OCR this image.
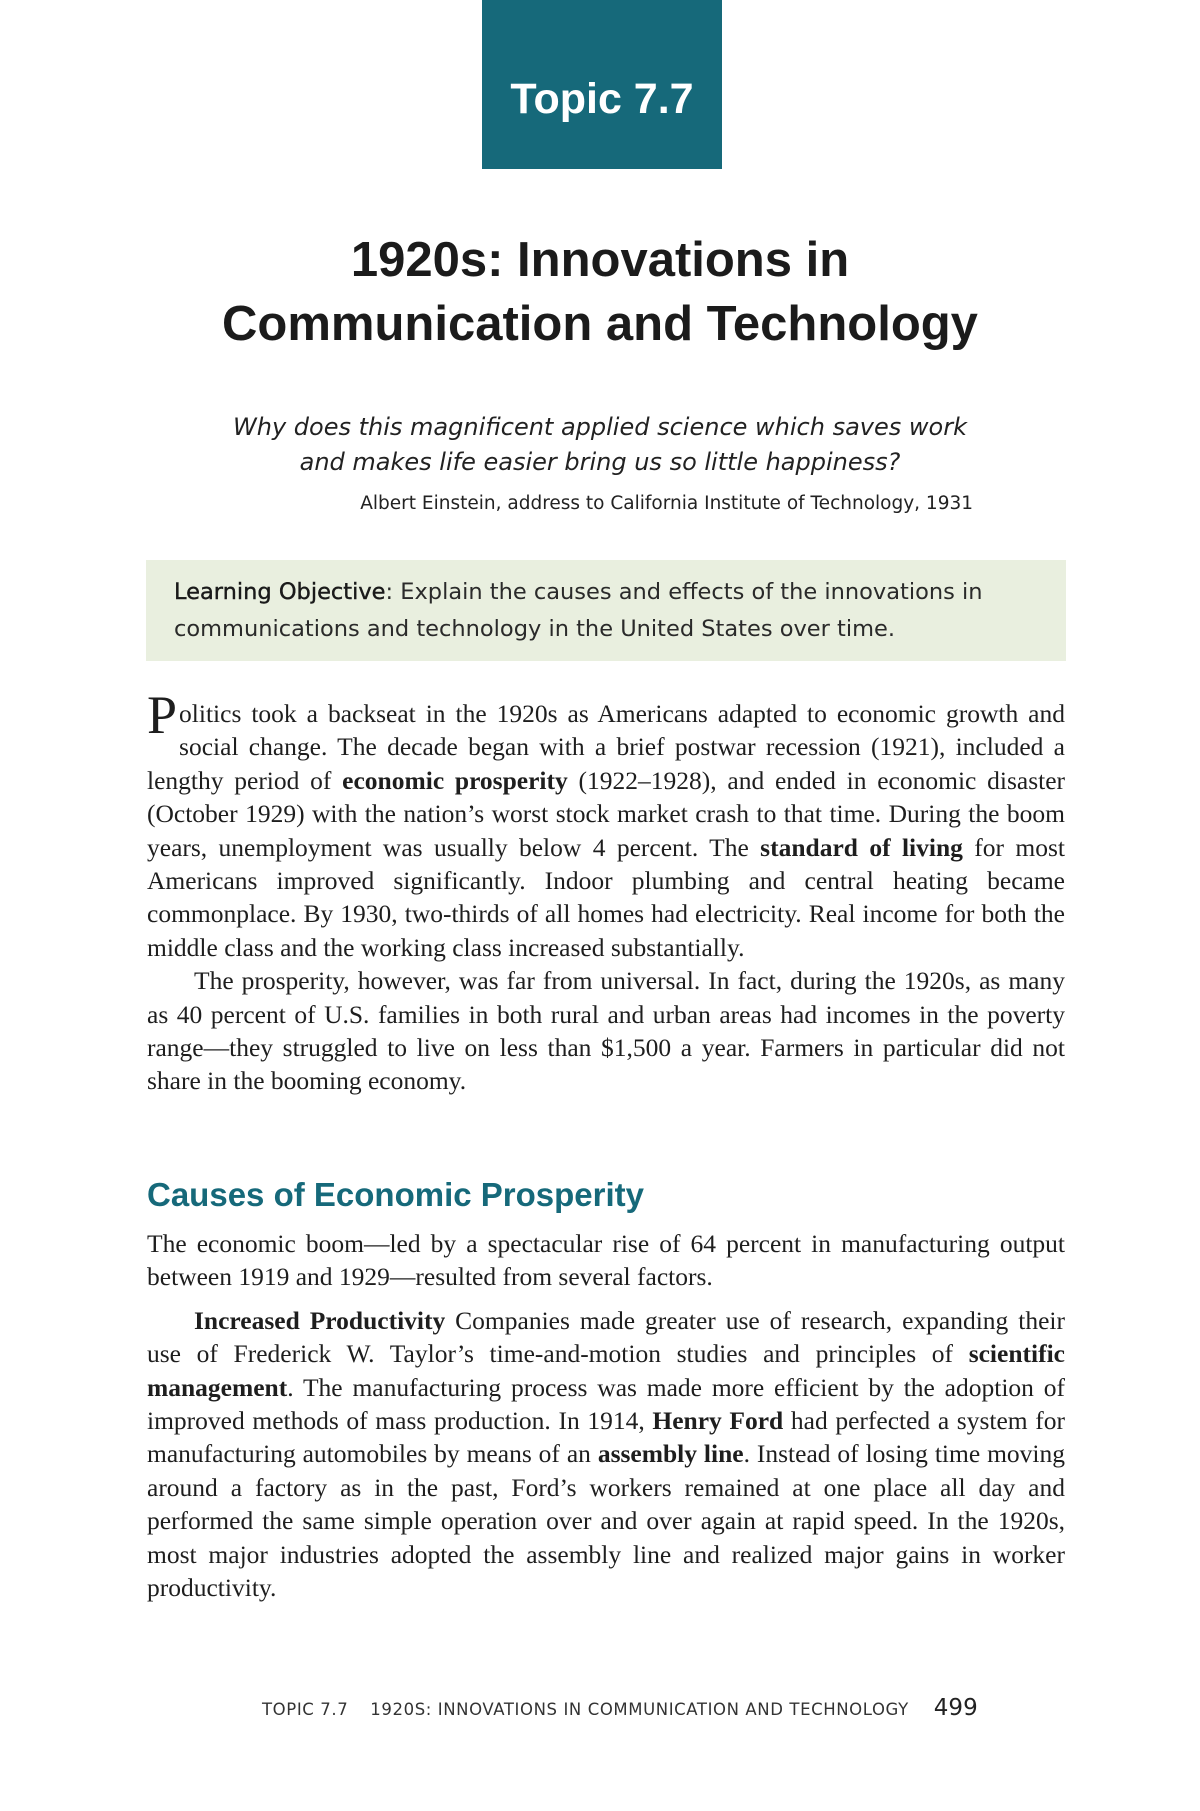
Topic 7.7
1920s: Innovations in
Communication and Technology
Why does this magnificent applied science which saves work
and makes life easier bring us so little happiness?
Albert Einstein, address to California Institute of Technology, 1931
Learning Objective: Explain the causes and effects of the innovations in communications and technology in the United States over time.

Politics took a backseat in the 1920s as Americans adapted to economic growth and social change. The decade began with a brief postwar recession (1921), included a lengthy period of economic prosperity (1922–1928), and ended in economic disaster (October 1929) with the nation’s worst stock market crash to that time. During the boom years, unemployment was usually below 4 percent. The standard of living for most Americans improved significantly. Indoor plumbing and central heating became commonplace. By 1930, two-thirds of all homes had electricity. Real income for both the middle class and the working class increased substantially.

The prosperity, however, was far from universal. In fact, during the 1920s, as many as 40 percent of U.S. families in both rural and urban areas had incomes in the poverty range—they struggled to live on less than $1,500 a year. Farmers in particular did not share in the booming economy.

Causes of Economic Prosperity

The economic boom—led by a spectacular rise of 64 percent in manufacturing output between 1919 and 1929—resulted from several factors.

Increased Productivity Companies made greater use of research, expanding their use of Frederick W. Taylor’s time-and-motion studies and principles of scientific management. The manufacturing process was made more efficient by the adoption of improved methods of mass production. In 1914, Henry Ford had perfected a system for manufacturing automobiles by means of an assembly line. Instead of losing time moving around a factory as in the past, Ford’s workers remained at one place all day and performed the same simple operation over and over again at rapid speed. In the 1920s, most major industries adopted the assembly line and realized major gains in worker productivity.

TOPIC 7.7 1920S: INNOVATIONS IN COMMUNICATION AND TECHNOLOGY 499
